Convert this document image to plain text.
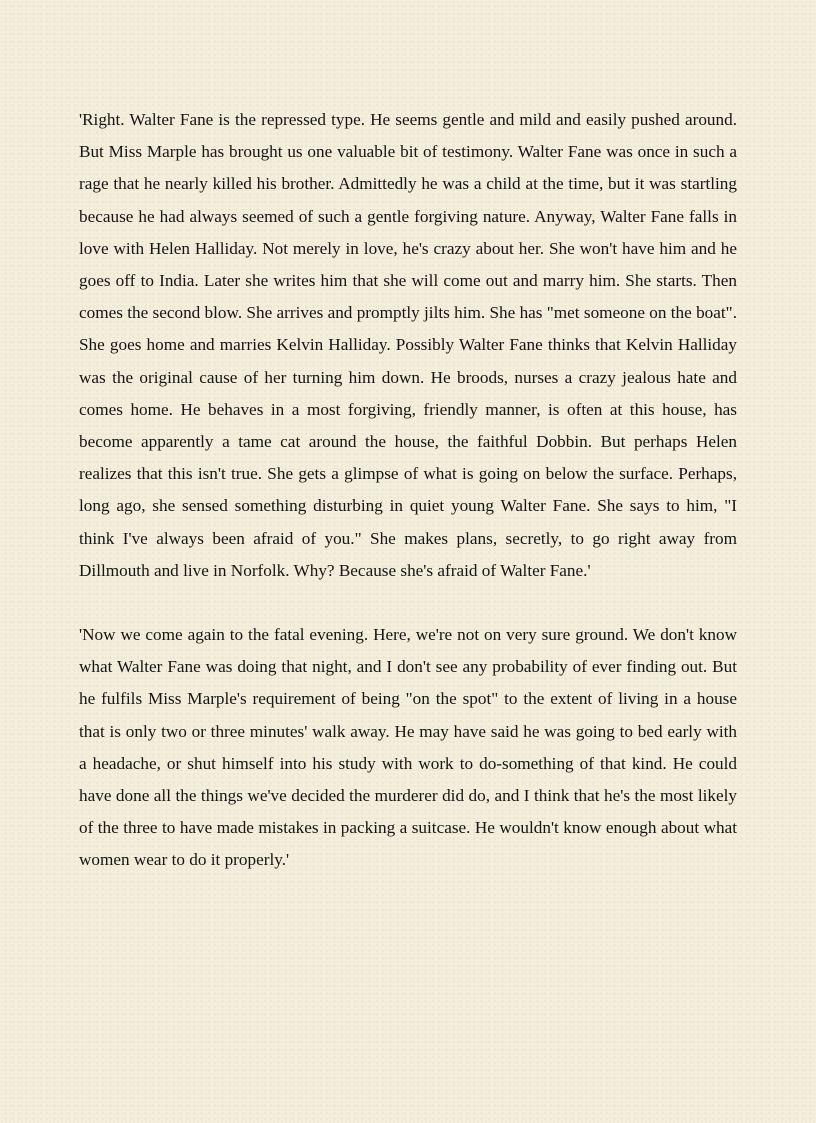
'Right. Walter Fane is the repressed type. He seems gentle and mild and easily pushed around. But Miss Marple has brought us one valuable bit of testimony. Walter Fane was once in such a rage that he nearly killed his brother. Admittedly he was a child at the time, but it was startling because he had always seemed of such a gentle forgiving nature. Anyway, Walter Fane falls in love with Helen Halliday. Not merely in love, he's crazy about her. She won't have him and he goes off to India. Later she writes him that she will come out and marry him. She starts. Then comes the second blow. She arrives and promptly jilts him. She has "met someone on the boat". She goes home and marries Kelvin Halliday. Possibly Walter Fane thinks that Kelvin Halliday was the original cause of her turning him down. He broods, nurses a crazy jealous hate and comes home. He behaves in a most forgiving, friendly manner, is often at this house, has become apparently a tame cat around the house, the faithful Dobbin. But perhaps Helen realizes that this isn't true. She gets a glimpse of what is going on below the surface. Perhaps, long ago, she sensed something disturbing in quiet young Walter Fane. She says to him, "I think I've always been afraid of you." She makes plans, secretly, to go right away from Dillmouth and live in Norfolk. Why? Because she's afraid of Walter Fane.'

'Now we come again to the fatal evening. Here, we're not on very sure ground. We don't know what Walter Fane was doing that night, and I don't see any probability of ever finding out. But he fulfils Miss Marple's requirement of being "on the spot" to the extent of living in a house that is only two or three minutes' walk away. He may have said he was going to bed early with a headache, or shut himself into his study with work to do-something of that kind. He could have done all the things we've decided the murderer did do, and I think that he's the most likely of the three to have made mistakes in packing a suitcase. He wouldn't know enough about what women wear to do it properly.'
